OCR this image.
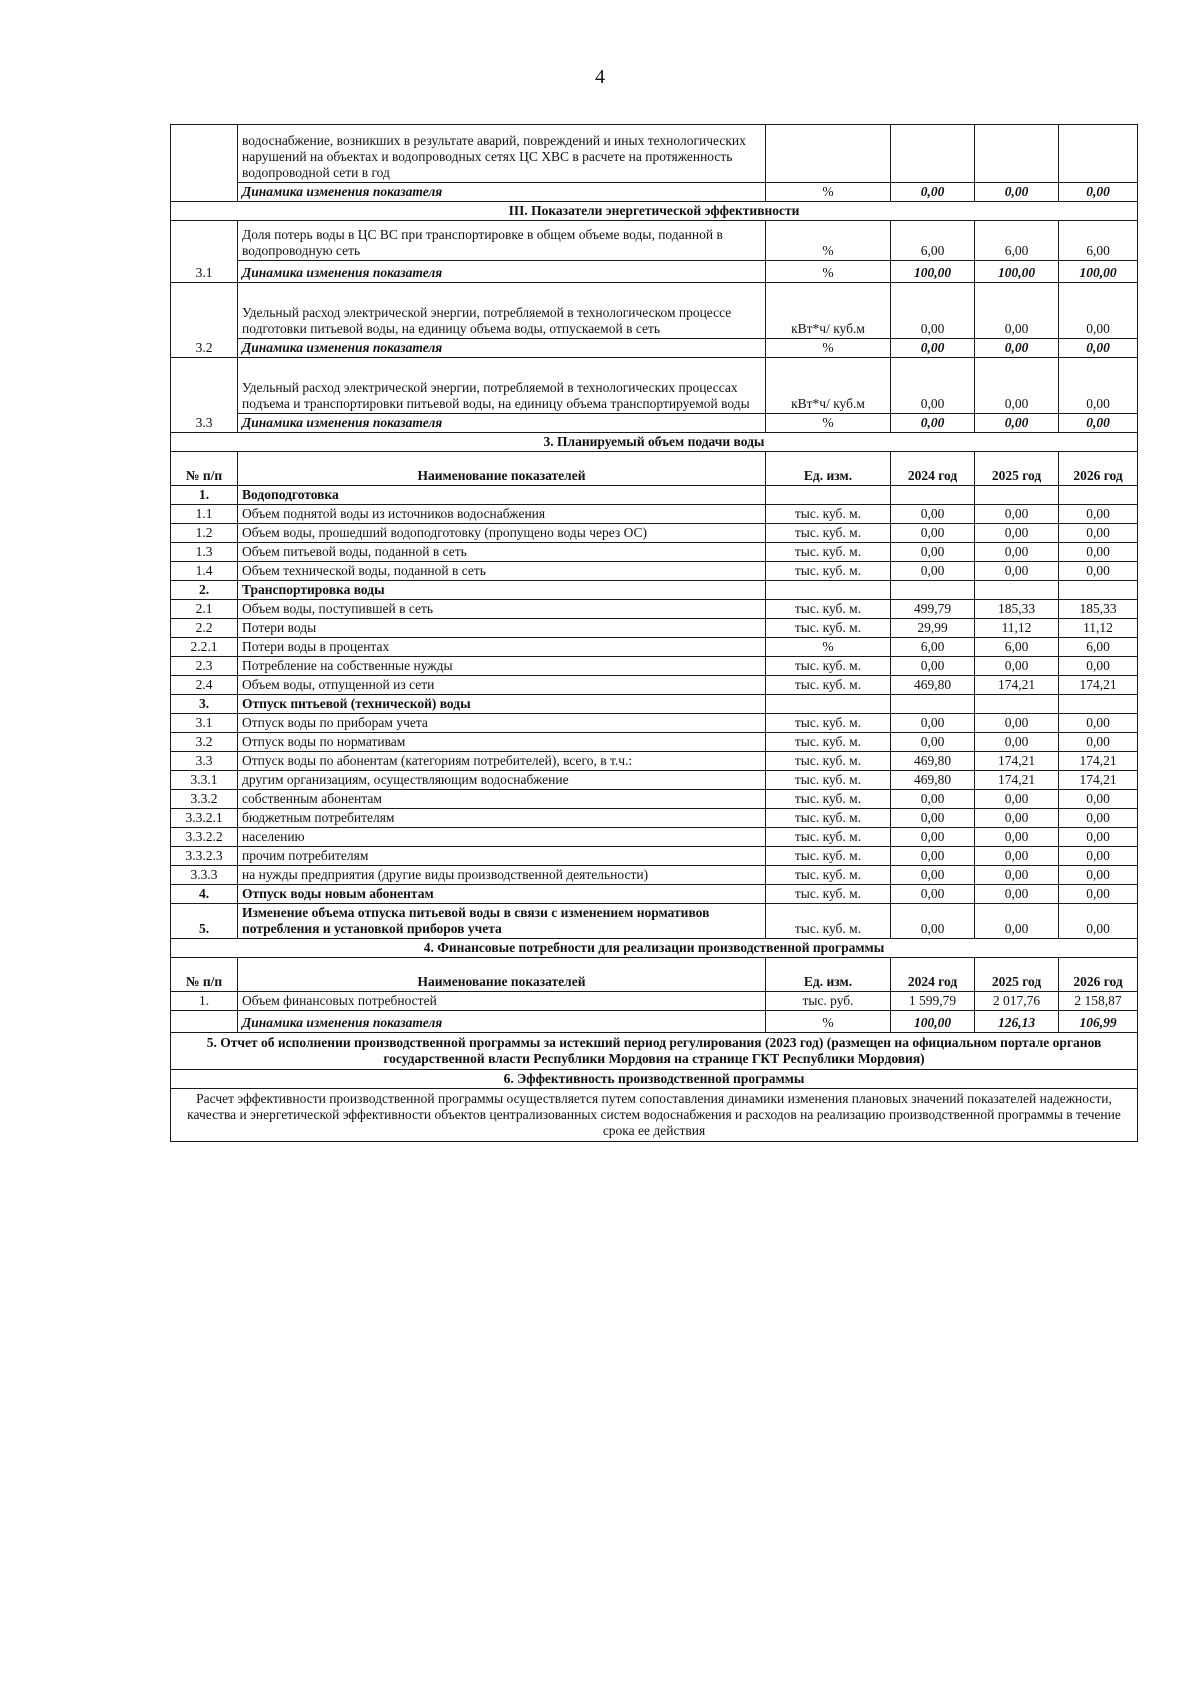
4
	водоснабжение, возникших в результате аварий, повреждений и иных технологических нарушений на объектах и водопроводных сетях ЦС ХВС в расчете на протяженность водопроводной сети в год				
	Динамика изменения показателя	%	0,00	0,00	0,00
III. Показатели энергетической эффективности					
3.1	Доля потерь воды в ЦС ВС при транспортировке в общем объеме воды, поданной в водопроводную сеть	%	6,00	6,00	6,00
	Динамика изменения показателя	%	100,00	100,00	100,00
3.2	Удельный расход электрической энергии, потребляемой в технологическом процессе подготовки питьевой воды, на единицу объема воды, отпускаемой в сеть	кВт*ч/ куб.м	0,00	0,00	0,00
	Динамика изменения показателя	%	0,00	0,00	0,00
3.3	Удельный расход электрической энергии, потребляемой в технологических процессах подъема и транспортировки питьевой воды, на единицу объема транспортируемой воды	кВт*ч/ куб.м	0,00	0,00	0,00
	Динамика изменения показателя	%	0,00	0,00	0,00
3. Планируемый объем подачи воды					
№ п/п	Наименование показателей	Ед. изм.	2024 год	2025 год	2026 год
1.	Водоподготовка				
1.1	Объем поднятой воды из источников водоснабжения	тыс. куб. м.	0,00	0,00	0,00
1.2	Объем воды, прошедший водоподготовку (пропущено воды через ОС)	тыс. куб. м.	0,00	0,00	0,00
1.3	Объем питьевой воды, поданной в сеть	тыс. куб. м.	0,00	0,00	0,00
1.4	Объем технической воды, поданной в сеть	тыс. куб. м.	0,00	0,00	0,00
2.	Транспортировка воды				
2.1	Объем воды, поступившей в сеть	тыс. куб. м.	499,79	185,33	185,33
2.2	Потери воды	тыс. куб. м.	29,99	11,12	11,12
2.2.1	Потери воды в процентах	%	6,00	6,00	6,00
2.3	Потребление на собственные нужды	тыс. куб. м.	0,00	0,00	0,00
2.4	Объем воды, отпущенной из сети	тыс. куб. м.	469,80	174,21	174,21
3.	Отпуск питьевой (технической) воды				
3.1	Отпуск воды по приборам учета	тыс. куб. м.	0,00	0,00	0,00
3.2	Отпуск воды по нормативам	тыс. куб. м.	0,00	0,00	0,00
3.3	Отпуск воды по абонентам (категориям потребителей), всего, в т.ч.:	тыс. куб. м.	469,80	174,21	174,21
3.3.1	другим организациям, осуществляющим водоснабжение	тыс. куб. м.	469,80	174,21	174,21
3.3.2	собственным абонентам	тыс. куб. м.	0,00	0,00	0,00
3.3.2.1	бюджетным потребителям	тыс. куб. м.	0,00	0,00	0,00
3.3.2.2	населению	тыс. куб. м.	0,00	0,00	0,00
3.3.2.3	прочим потребителям	тыс. куб. м.	0,00	0,00	0,00
3.3.3	на нужды предприятия (другие виды производственной деятельности)	тыс. куб. м.	0,00	0,00	0,00
4.	Отпуск воды новым абонентам	тыс. куб. м.	0,00	0,00	0,00
5.	Изменение объема отпуска питьевой воды в связи с изменением нормативов потребления и установкой приборов учета	тыс. куб. м.	0,00	0,00	0,00
4. Финансовые потребности для реализации производственной программы					
№ п/п	Наименование показателей	Ед. изм.	2024 год	2025 год	2026 год
1.	Объем финансовых потребностей	тыс. руб.	1 599,79	2 017,76	2 158,87
	Динамика изменения показателя	%	100,00	126,13	106,99
5. Отчет об исполнении производственной программы за истекший период регулирования (2023 год) (размещен на официальном портале органов государственной власти Республики Мордовия на странице ГКТ Республики Мордовия)					
6. Эффективность производственной программы					
Расчет эффективности производственной программы осуществляется путем сопоставления динамики изменения плановых значений показателей надежности, качества и энергетической эффективности объектов централизованных систем водоснабжения и расходов на реализацию производственной программы в течение срока ее действия					
